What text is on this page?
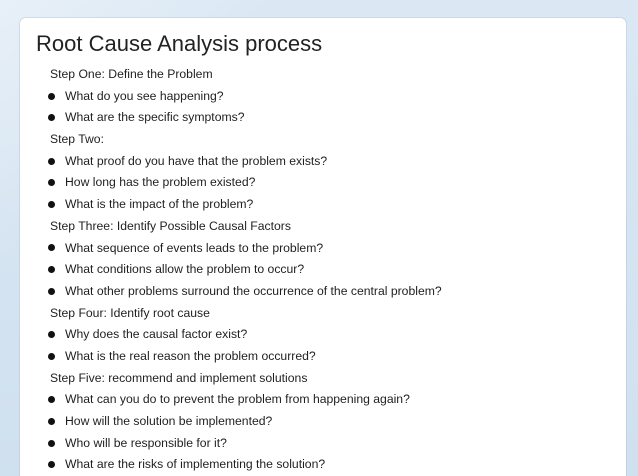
Root Cause Analysis process
Step One: Define the Problem
What do you see happening?
What are the specific symptoms?
Step Two:
What proof do you have that the problem exists?
How long has the problem existed?
What is the impact of the problem?
Step Three: Identify Possible Causal Factors
What sequence of events leads to the problem?
What conditions allow the problem to occur?
What other problems surround the occurrence of the central problem?
Step Four: Identify root cause
Why does the causal factor exist?
What is the real reason the problem occurred?
Step Five: recommend and implement solutions
What can you do to prevent the problem from happening again?
How will the solution be implemented?
Who will be responsible for it?
What are the risks of implementing the solution?
